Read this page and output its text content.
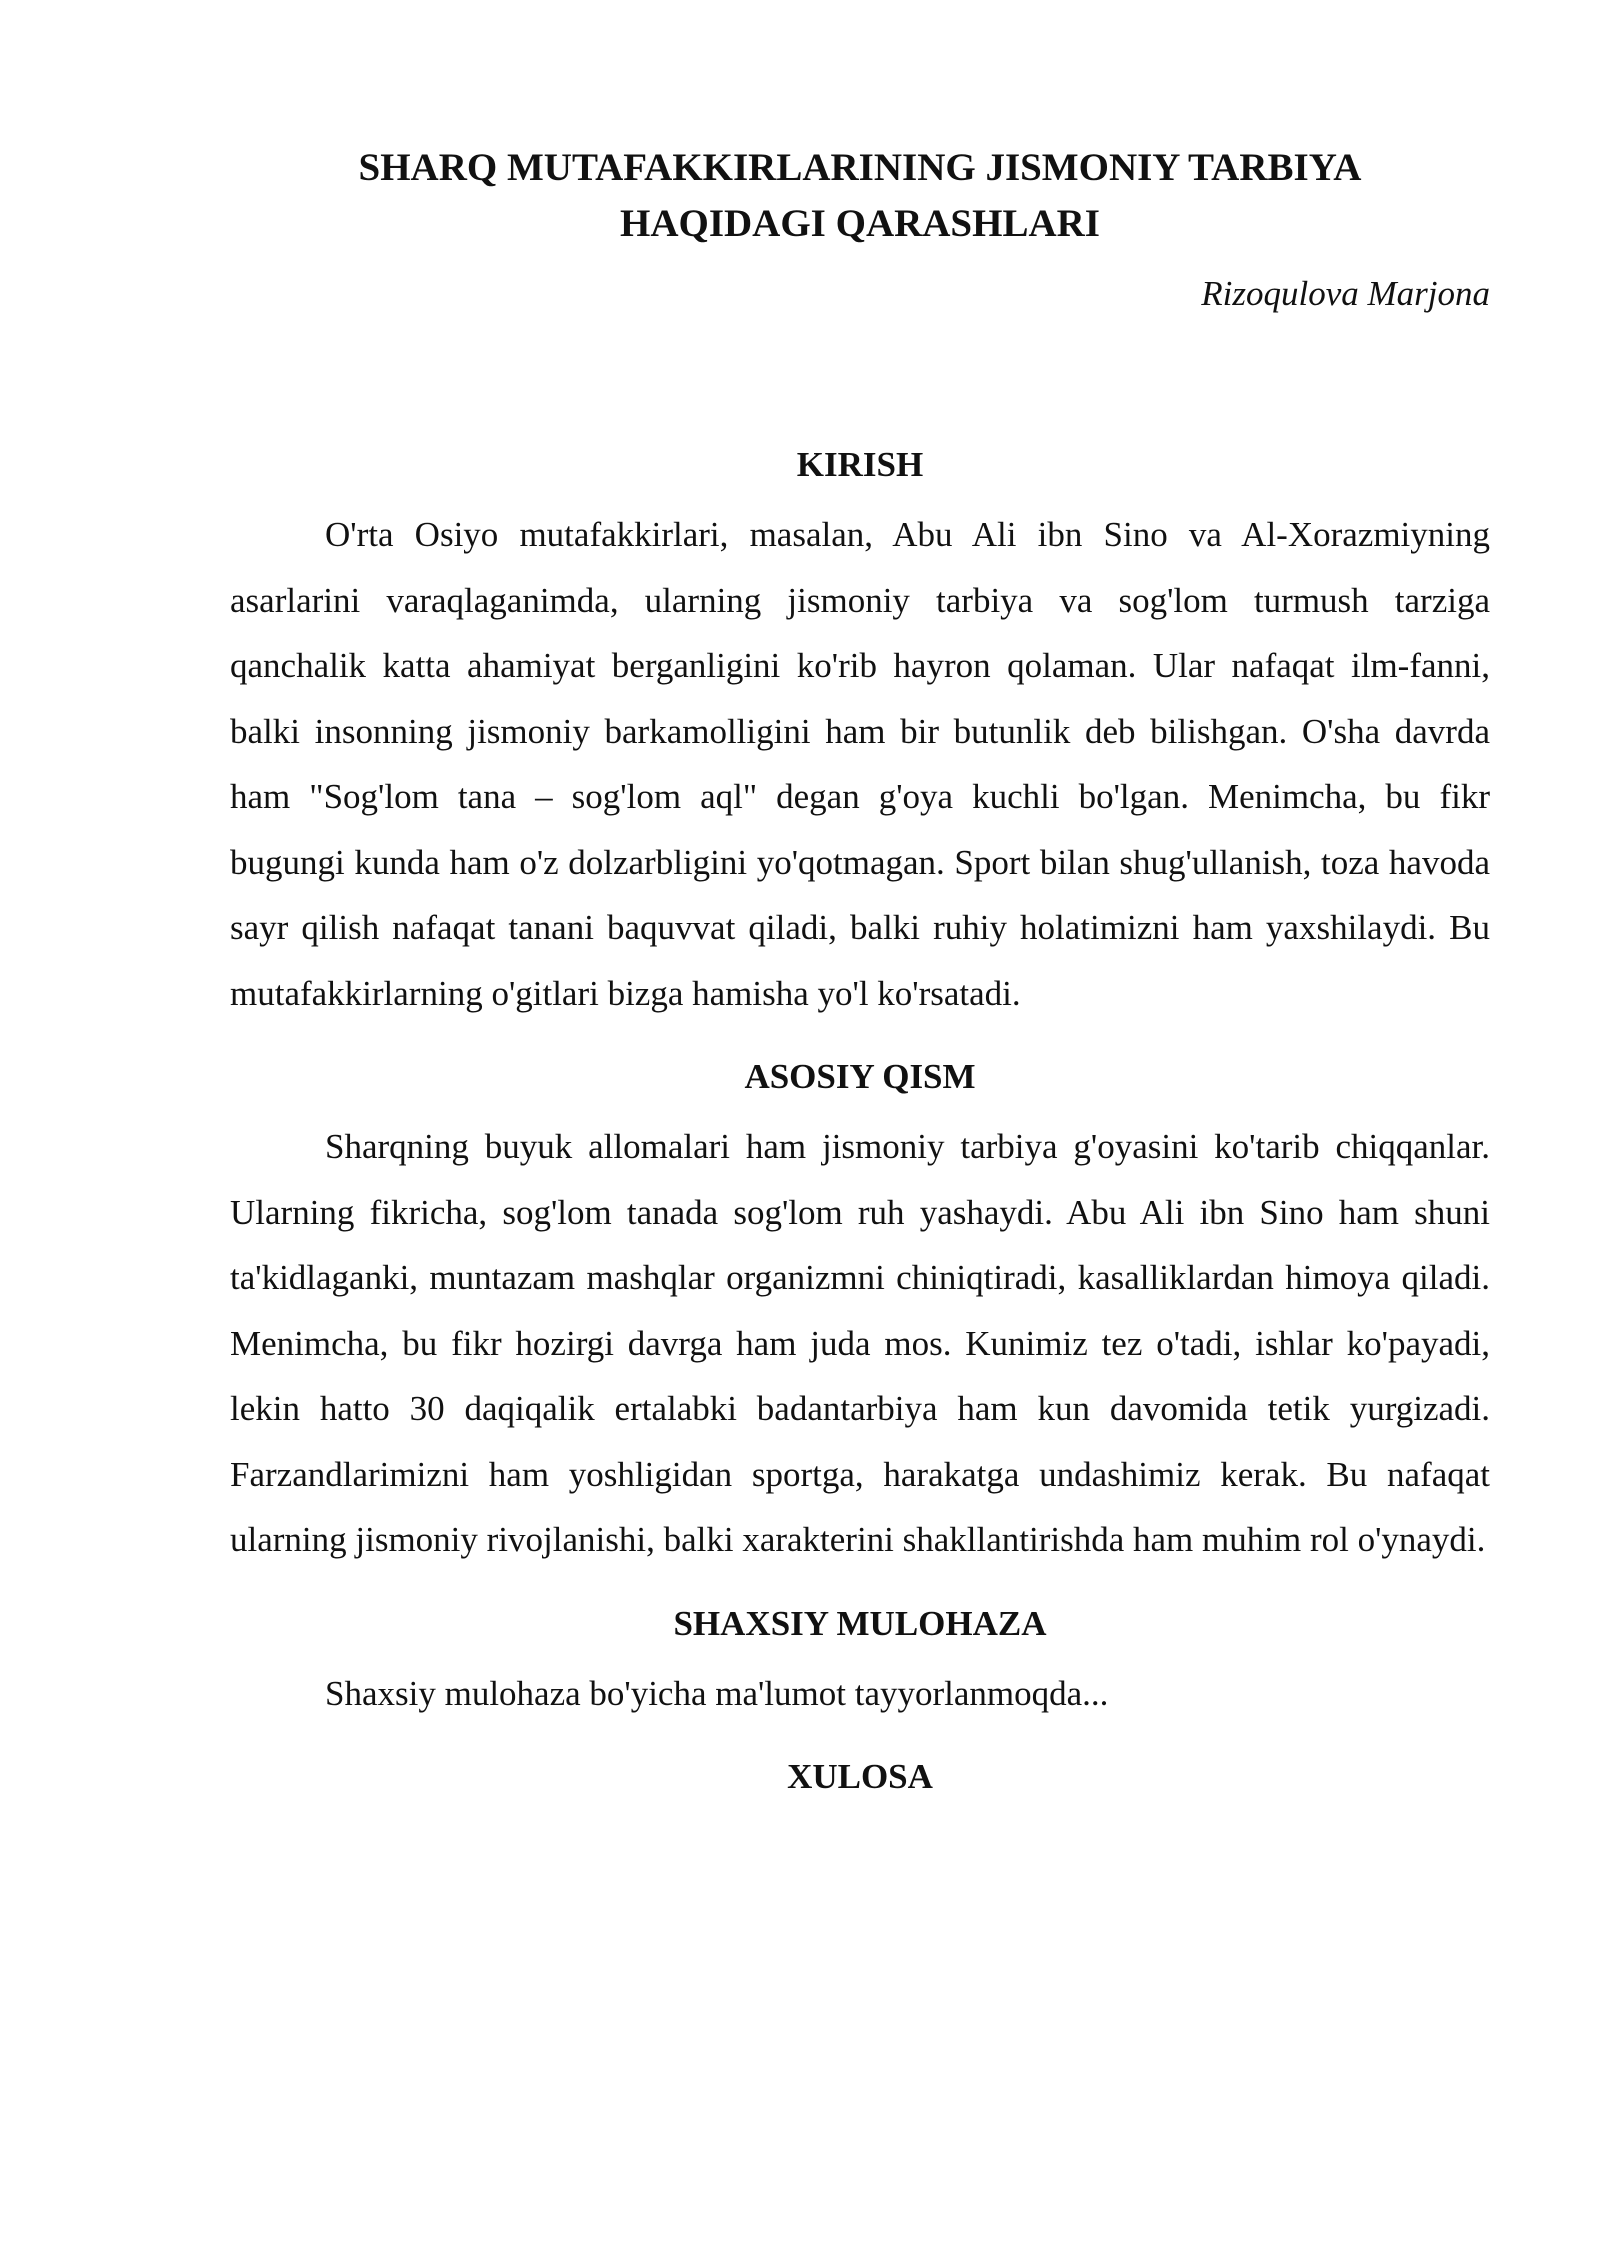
SHARQ MUTAFAKKIRLARINING JISMONIY TARBIYA
HAQIDAGI QARASHLARI
Rizoqulova Marjona
KIRISH

O'rta Osiyo mutafakkirlari, masalan, Abu Ali ibn Sino va Al-Xorazmiyning asarlarini varaqlaganimda, ularning jismoniy tarbiya va sog'lom turmush tarziga qanchalik katta ahamiyat berganligini ko'rib hayron qolaman. Ular nafaqat ilm-fanni, balki insonning jismoniy barkamolligini ham bir butunlik deb bilishgan. O'sha davrda ham "Sog'lom tana – sog'lom aql" degan g'oya kuchli bo'lgan. Menimcha, bu fikr bugungi kunda ham o'z dolzarbligini yo'qotmagan. Sport bilan shug'ullanish, toza havoda sayr qilish nafaqat tanani baquvvat qiladi, balki ruhiy holatimizni ham yaxshilaydi. Bu mutafakkirlarning o'gitlari bizga hamisha yo'l ko'rsatadi.

ASOSIY QISM

Sharqning buyuk allomalari ham jismoniy tarbiya g'oyasini ko'tarib chiqqanlar. Ularning fikricha, sog'lom tanada sog'lom ruh yashaydi. Abu Ali ibn Sino ham shuni ta'kidlaganki, muntazam mashqlar organizmni chiniqtiradi, kasalliklardan himoya qiladi. Menimcha, bu fikr hozirgi davrga ham juda mos. Kunimiz tez o'tadi, ishlar ko'payadi, lekin hatto 30 daqiqalik ertalabki badantarbiya ham kun davomida tetik yurgizadi. Farzandlarimizni ham yoshligidan sportga, harakatga undashimiz kerak. Bu nafaqat ularning jismoniy rivojlanishi, balki xarakterini shakllantirishda ham muhim rol o'ynaydi.

SHAXSIY MULOHAZA

Shaxsiy mulohaza bo'yicha ma'lumot tayyorlanmoqda...

XULOSA
